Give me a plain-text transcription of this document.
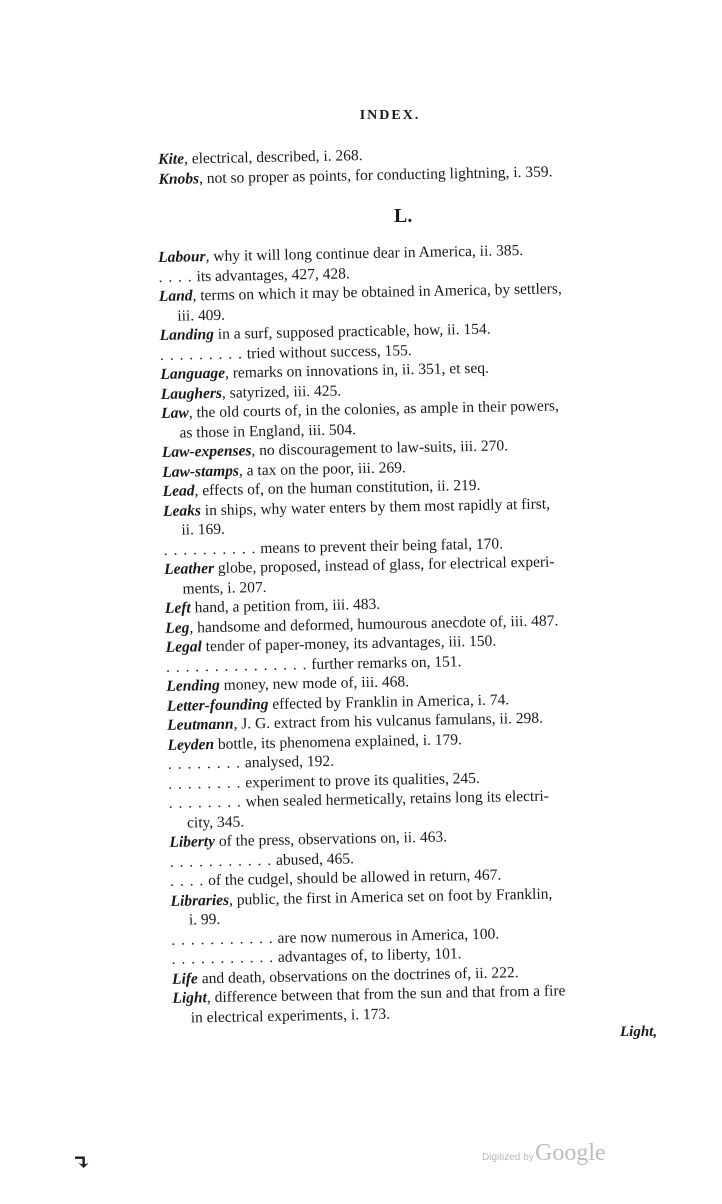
INDEX.
Kite, electrical, described, i. 268.
Knobs, not so proper as points, for conducting lightning, i. 359.
L.
Labour, why it will long continue dear in America, ii. 385.
. . . . its advantages, 427, 428.
Land, terms on which it may be obtained in America, by settlers,
iii. 409.
Landing in a surf, supposed practicable, how, ii. 154.
. . . . . . . . . tried without success, 155.
Language, remarks on innovations in, ii. 351, et seq.
Laughers, satyrized, iii. 425.
Law, the old courts of, in the colonies, as ample in their powers,
as those in England, iii. 504.
Law-expenses, no discouragement to law-suits, iii. 270.
Law-stamps, a tax on the poor, iii. 269.
Lead, effects of, on the human constitution, ii. 219.
Leaks in ships, why water enters by them most rapidly at first,
ii. 169.
. . . . . . . . . . means to prevent their being fatal, 170.
Leather globe, proposed, instead of glass, for electrical experi-
ments, i. 207.
Left hand, a petition from, iii. 483.
Leg, handsome and deformed, humourous anecdote of, iii. 487.
Legal tender of paper-money, its advantages, iii. 150.
. . . . . . . . . . . . . . . further remarks on, 151.
Lending money, new mode of, iii. 468.
Letter-founding effected by Franklin in America, i. 74.
Leutmann, J. G. extract from his vulcanus famulans, ii. 298.
Leyden bottle, its phenomena explained, i. 179.
. . . . . . . . analysed, 192.
. . . . . . . . experiment to prove its qualities, 245.
. . . . . . . . when sealed hermetically, retains long its electri-
city, 345.
Liberty of the press, observations on, ii. 463.
. . . . . . . . . . . abused, 465.
. . . . of the cudgel, should be allowed in return, 467.
Libraries, public, the first in America set on foot by Franklin,
i. 99.
. . . . . . . . . . . are now numerous in America, 100.
. . . . . . . . . . . advantages of, to liberty, 101.
Life and death, observations on the doctrines of, ii. 222.
Light, difference between that from the sun and that from a fire
in electrical experiments, i. 173.
Light,
↴	Digitized by Google
